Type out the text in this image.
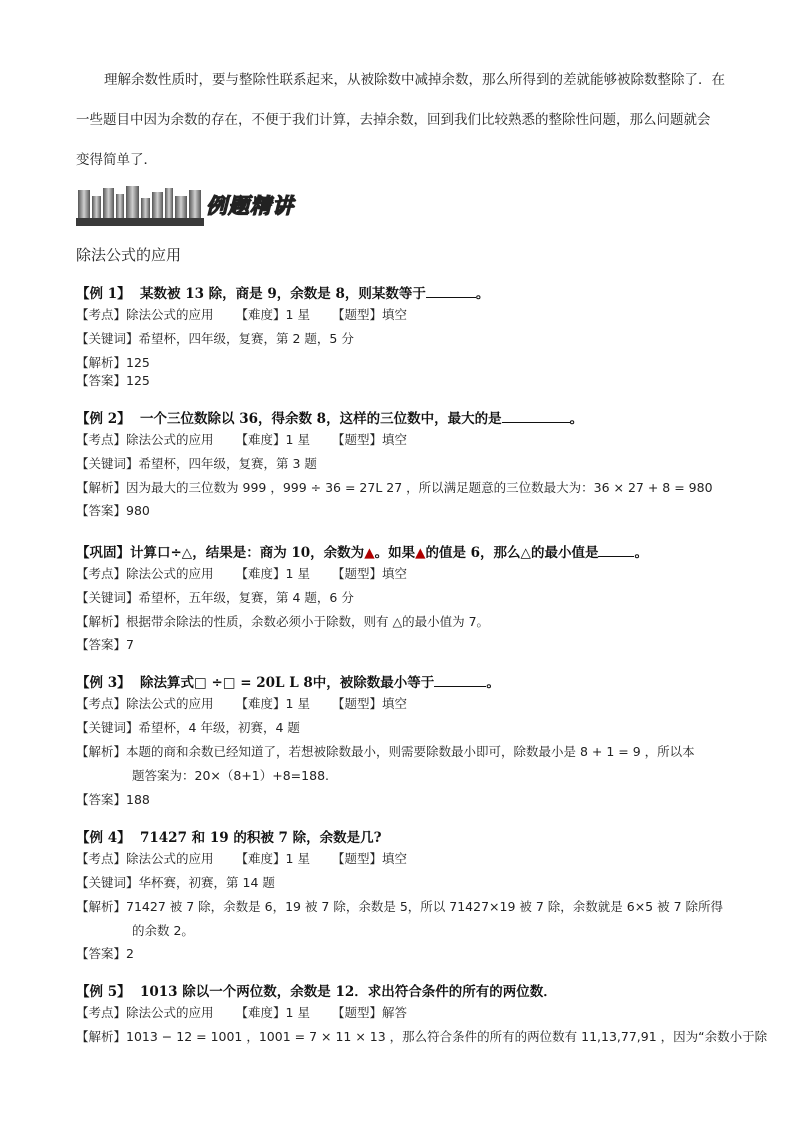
理解余数性质时，要与整除性联系起来，从被除数中减掉余数，那么所得到的差就能够被除数整除了．在
一些题目中因为余数的存在，不便于我们计算，去掉余数，回到我们比较熟悉的整除性问题，那么问题就会
变得简单了．
例题精讲
除法公式的应用
【例 1】 某数被 13 除，商是 9，余数是 8，则某数等于	。
【考点】除法公式的应用 【难度】1 星 【题型】填空
【关键词】希望杯，四年级，复赛，第 2 题，5 分
【解析】125
【答案】125
【例 2】 一个三位数除以 36，得余数 8，这样的三位数中，最大的是	。
【考点】除法公式的应用 【难度】1 星 【题型】填空
【关键词】希望杯，四年级，复赛，第 3 题
【解析】因为最大的三位数为 999 ，999 ÷ 36 = 27L 27 ，所以满足题意的三位数最大为：36 × 27 + 8 = 980
【答案】980
【巩固】计算口÷△，结果是：商为 10，余数为▲。如果▲的值是 6，那么△的最小值是	。
【考点】除法公式的应用 【难度】1 星 【题型】填空
【关键词】希望杯，五年级，复赛，第 4 题，6 分
【解析】根据带余除法的性质，余数必须小于除数，则有 △的最小值为 7。
【答案】7
【例 3】 除法算式□ ÷□ = 20L L 8中，被除数最小等于	。
【考点】除法公式的应用 【难度】1 星 【题型】填空
【关键词】希望杯，4 年级，初赛，4 题
【解析】本题的商和余数已经知道了，若想被除数最小，则需要除数最小即可，除数最小是 8 + 1 = 9 ，所以本
题答案为：20×（8+1）+8=188.
【答案】188
【例 4】 71427 和 19 的积被 7 除，余数是几?
【考点】除法公式的应用 【难度】1 星 【题型】填空
【关键词】华杯赛，初赛，第 14 题
【解析】71427 被 7 除，余数是 6，19 被 7 除，余数是 5，所以 71427×19 被 7 除，余数就是 6×5 被 7 除所得
的余数 2。
【答案】2
【例 5】 1013 除以一个两位数，余数是 12．求出符合条件的所有的两位数．
【考点】除法公式的应用 【难度】1 星 【题型】解答
【解析】1013 − 12 = 1001 ，1001 = 7 × 11 × 13 ，那么符合条件的所有的两位数有 11,13,77,91 ，因为“余数小于除
